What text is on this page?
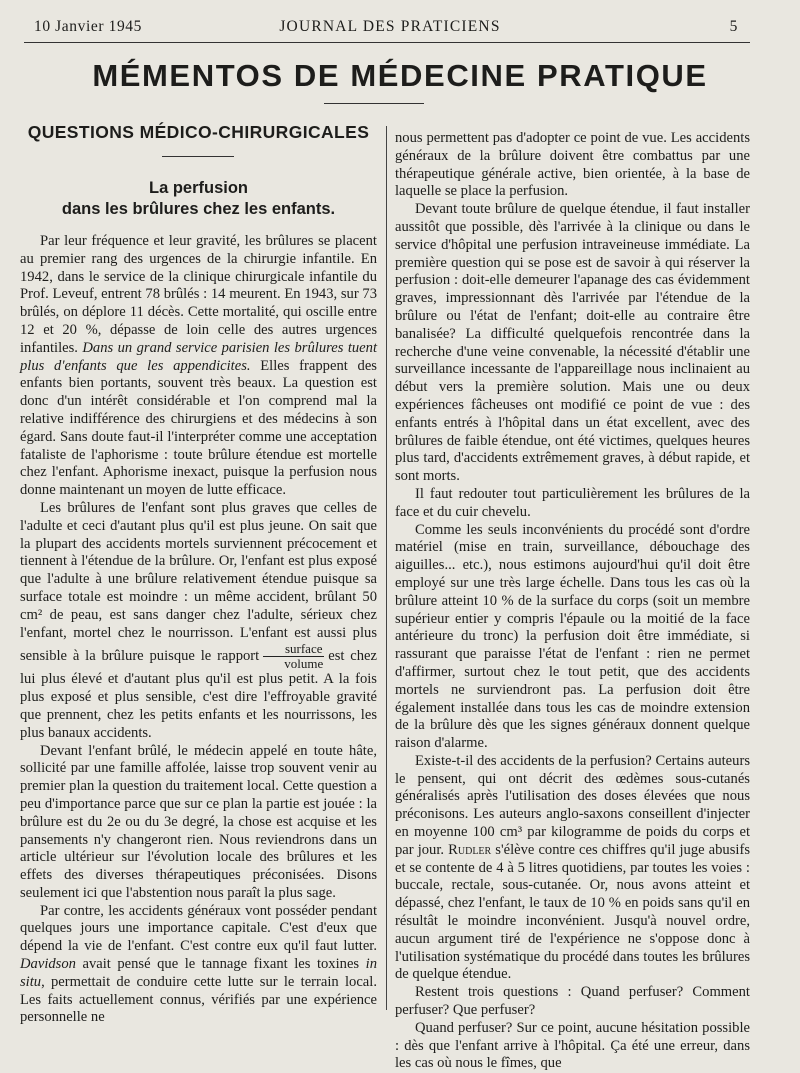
10 Janvier 1945	JOURNAL DES PRATICIENS	5
MÉMENTOS DE MÉDECINE PRATIQUE
QUESTIONS MÉDICO-CHIRURGICALES
La perfusion
dans les brûlures chez les enfants.

Par leur fréquence et leur gravité, les brûlures se placent au premier rang des urgences de la chirurgie infantile. En 1942, dans le service de la clinique chirurgicale infantile du Prof. Leveuf, entrent 78 brûlés : 14 meurent. En 1943, sur 73 brûlés, on déplore 11 décès. Cette mortalité, qui oscille entre 12 et 20 %, dépasse de loin celle des autres urgences infantiles. Dans un grand service parisien les brûlures tuent plus d'enfants que les appendicites. Elles frappent des enfants bien portants, souvent très beaux. La question est donc d'un intérêt considérable et l'on comprend mal la relative indifférence des chirurgiens et des médecins à son égard. Sans doute faut-il l'interpréter comme une acceptation fataliste de l'aphorisme : toute brûlure étendue est mortelle chez l'enfant. Aphorisme inexact, puisque la perfusion nous donne maintenant un moyen de lutte efficace.

Les brûlures de l'enfant sont plus graves que celles de l'adulte et ceci d'autant plus qu'il est plus jeune. On sait que la plupart des accidents mortels surviennent précocement et tiennent à l'étendue de la brûlure. Or, l'enfant est plus exposé que l'adulte à une brûlure relativement étendue puisque sa surface totale est moindre : un même accident, brûlant 50 cm² de peau, est sans danger chez l'adulte, sérieux chez l'enfant, mortel chez le nourrisson. L'enfant est aussi plus sensible à la brûlure puisque le rapport $\frac{\text{surface}}{\text{volume}}$ est chez lui plus élevé et d'autant plus qu'il est plus petit. A la fois plus exposé et plus sensible, c'est dire l'effroyable gravité que prennent, chez les petits enfants et les nourrissons, les plus banaux accidents.

Devant l'enfant brûlé, le médecin appelé en toute hâte, sollicité par une famille affolée, laisse trop souvent venir au premier plan la question du traitement local. Cette question a peu d'importance parce que sur ce plan la partie est jouée : la brûlure est du 2e ou du 3e degré, la chose est acquise et les pansements n'y changeront rien. Nous reviendrons dans un article ultérieur sur l'évolution locale des brûlures et les effets des diverses thérapeutiques préconisées. Disons seulement ici que l'abstention nous paraît la plus sage.

Par contre, les accidents généraux vont posséder pendant quelques jours une importance capitale. C'est d'eux que dépend la vie de l'enfant. C'est contre eux qu'il faut lutter. Davidson avait pensé que le tannage fixant les toxines in situ, permettait de conduire cette lutte sur le terrain local. Les faits actuellement connus, vérifiés par une expérience personnelle ne

nous permettent pas d'adopter ce point de vue. Les accidents généraux de la brûlure doivent être combattus par une thérapeutique générale active, bien orientée, à la base de laquelle se place la perfusion.

Devant toute brûlure de quelque étendue, il faut installer aussitôt que possible, dès l'arrivée à la clinique ou dans le service d'hôpital une perfusion intraveineuse immédiate. La première question qui se pose est de savoir à qui réserver la perfusion : doit-elle demeurer l'apanage des cas évidemment graves, impressionnant dès l'arrivée par l'étendue de la brûlure ou l'état de l'enfant; doit-elle au contraire être banalisée? La difficulté quelquefois rencontrée dans la recherche d'une veine convenable, la nécessité d'établir une surveillance incessante de l'appareillage nous inclinaient au début vers la première solution. Mais une ou deux expériences fâcheuses ont modifié ce point de vue : des enfants entrés à l'hôpital dans un état excellent, avec des brûlures de faible étendue, ont été victimes, quelques heures plus tard, d'accidents extrêmement graves, à début rapide, et sont morts.

Il faut redouter tout particulièrement les brûlures de la face et du cuir chevelu.

Comme les seuls inconvénients du procédé sont d'ordre matériel (mise en train, surveillance, débouchage des aiguilles... etc.), nous estimons aujourd'hui qu'il doit être employé sur une très large échelle. Dans tous les cas où la brûlure atteint 10 % de la surface du corps (soit un membre supérieur entier y compris l'épaule ou la moitié de la face antérieure du tronc) la perfusion doit être immédiate, si rassurant que paraisse l'état de l'enfant : rien ne permet d'affirmer, surtout chez le tout petit, que des accidents mortels ne surviendront pas. La perfusion doit être également installée dans tous les cas de moindre extension de la brûlure dès que les signes généraux donnent quelque raison d'alarme.

Existe-t-il des accidents de la perfusion? Certains auteurs le pensent, qui ont décrit des œdèmes sous-cutanés généralisés après l'utilisation des doses élevées que nous préconisons. Les auteurs anglo-saxons conseillent d'injecter en moyenne 100 cm³ par kilogramme de poids du corps et par jour. Rudler s'élève contre ces chiffres qu'il juge abusifs et se contente de 4 à 5 litres quotidiens, par toutes les voies : buccale, rectale, sous-cutanée. Or, nous avons atteint et dépassé, chez l'enfant, le taux de 10 % en poids sans qu'il en résultât le moindre inconvénient. Jusqu'à nouvel ordre, aucun argument tiré de l'expérience ne s'oppose donc à l'utilisation systématique du procédé dans toutes les brûlures de quelque étendue.

Restent trois questions : Quand perfuser? Comment perfuser? Que perfuser?

Quand perfuser? Sur ce point, aucune hésitation possible : dès que l'enfant arrive à l'hôpital. Ça été une erreur, dans les cas où nous le fîmes, que
